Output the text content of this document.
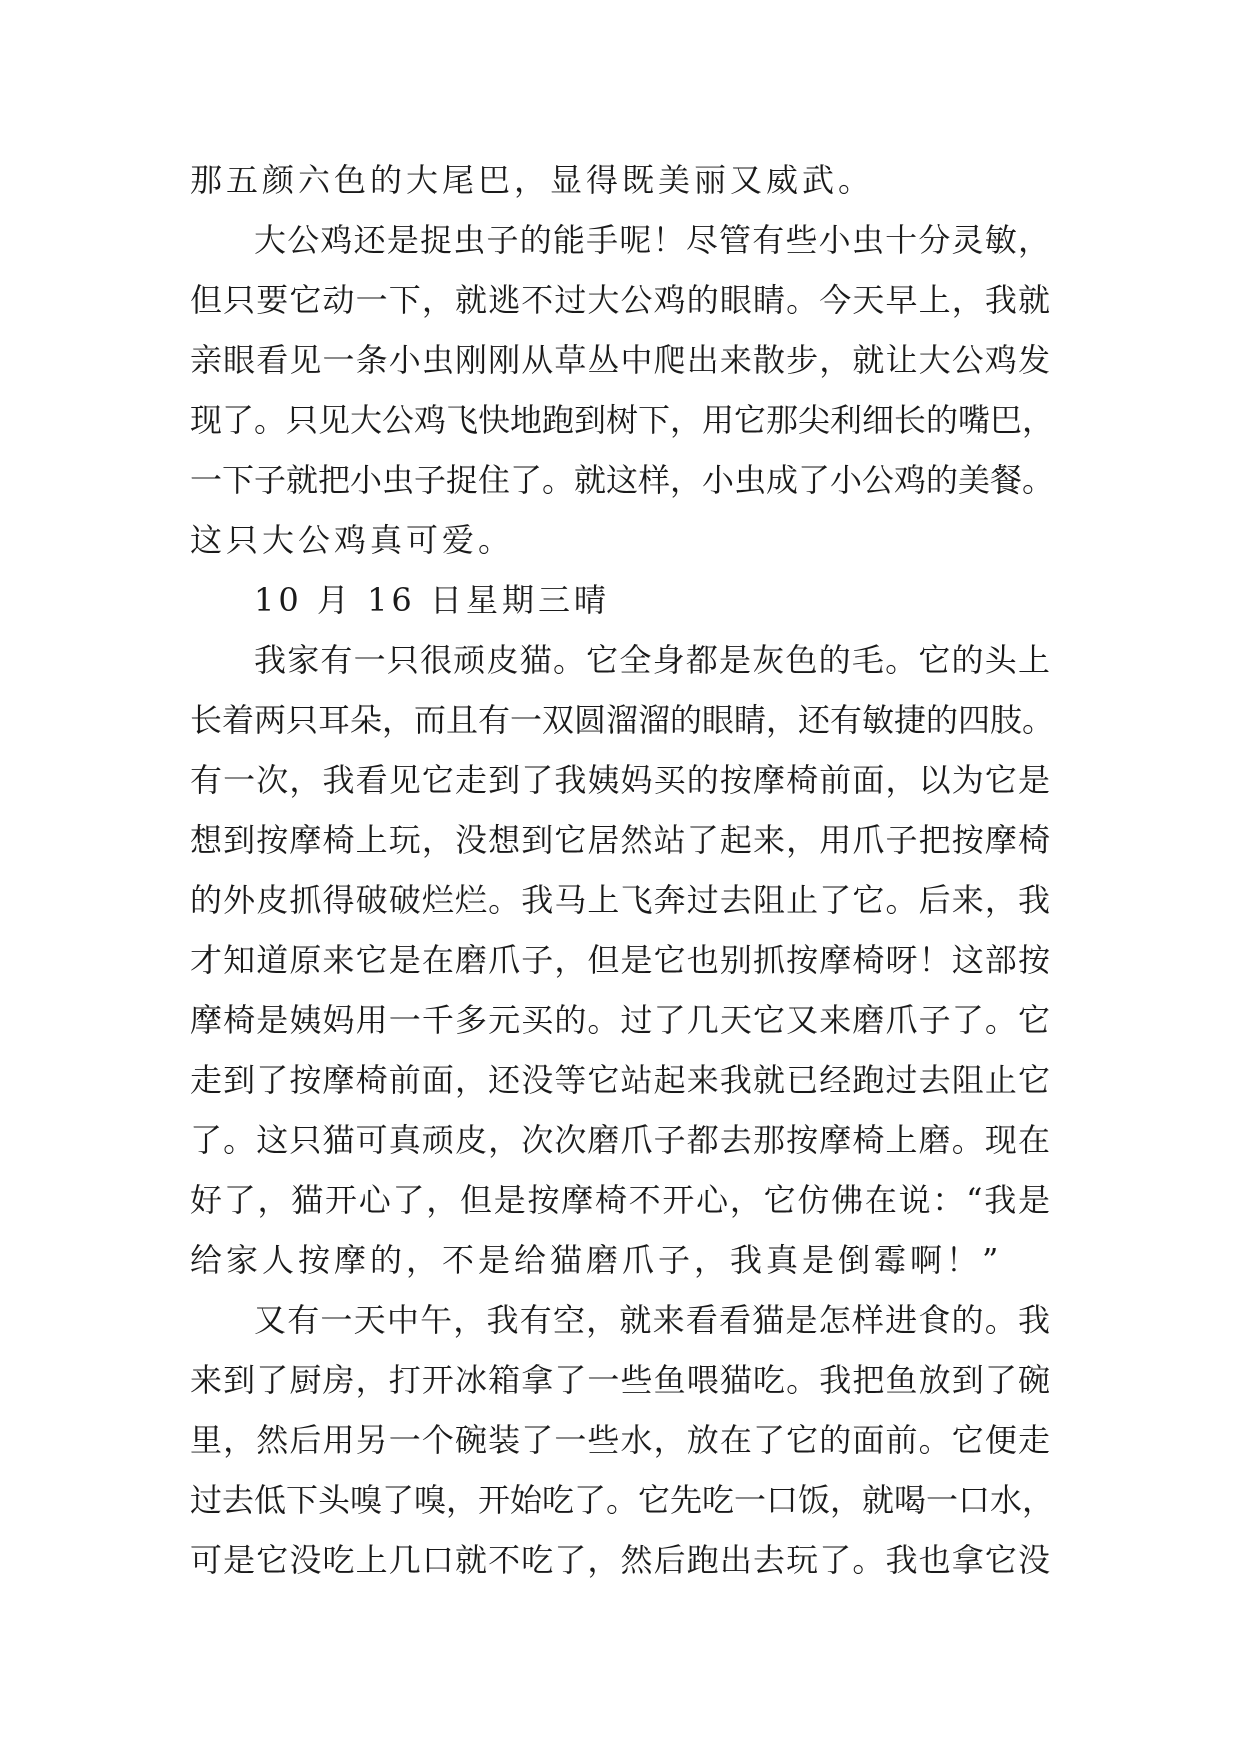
那五颜六色的大尾巴，显得既美丽又威武。
大公鸡还是捉虫子的能手呢！尽管有些小虫十分灵敏，
但只要它动一下，就逃不过大公鸡的眼睛。今天早上，我就
亲眼看见一条小虫刚刚从草丛中爬出来散步，就让大公鸡发
现了。只见大公鸡飞快地跑到树下，用它那尖利细长的嘴巴，
一下子就把小虫子捉住了。就这样，小虫成了小公鸡的美餐。
这只大公鸡真可爱。
10 月 16 日星期三晴
我家有一只很顽皮猫。它全身都是灰色的毛。它的头上
长着两只耳朵，而且有一双圆溜溜的眼睛，还有敏捷的四肢。
有一次，我看见它走到了我姨妈买的按摩椅前面，以为它是
想到按摩椅上玩，没想到它居然站了起来，用爪子把按摩椅
的外皮抓得破破烂烂。我马上飞奔过去阻止了它。后来，我
才知道原来它是在磨爪子，但是它也别抓按摩椅呀！这部按
摩椅是姨妈用一千多元买的。过了几天它又来磨爪子了。它
走到了按摩椅前面，还没等它站起来我就已经跑过去阻止它
了。这只猫可真顽皮，次次磨爪子都去那按摩椅上磨。现在
好了，猫开心了，但是按摩椅不开心，它仿佛在说：“我是
给家人按摩的，不是给猫磨爪子，我真是倒霉啊！”
又有一天中午，我有空，就来看看猫是怎样进食的。我
来到了厨房，打开冰箱拿了一些鱼喂猫吃。我把鱼放到了碗
里，然后用另一个碗装了一些水，放在了它的面前。它便走
过去低下头嗅了嗅，开始吃了。它先吃一口饭，就喝一口水，
可是它没吃上几口就不吃了，然后跑出去玩了。我也拿它没
